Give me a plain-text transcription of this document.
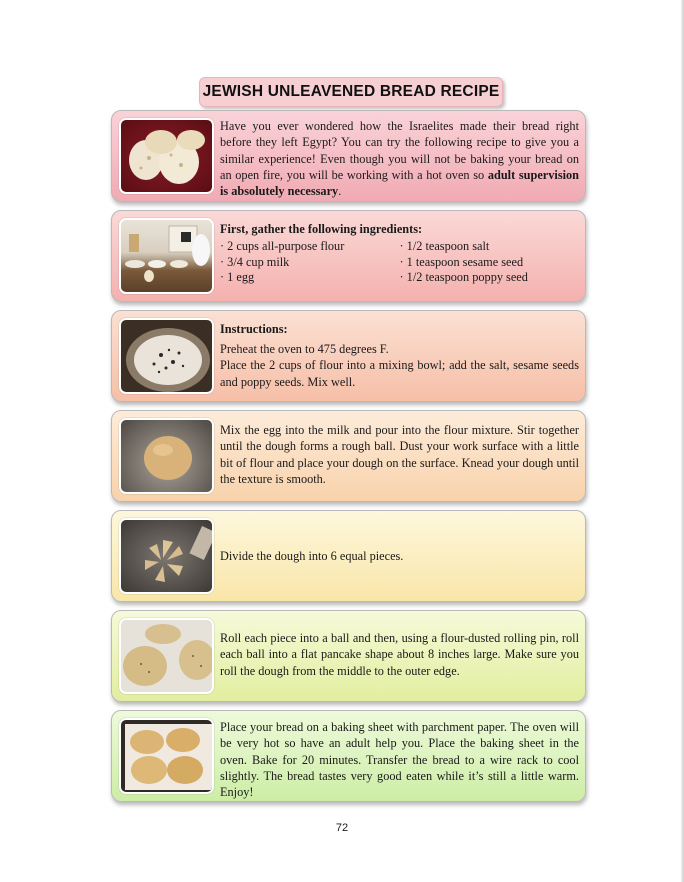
JEWISH UNLEAVENED BREAD RECIPE
Have you ever wondered how the Israelites made their bread right before they left Egypt? You can try the following recipe to give you a similar experience! Even though you will not be baking your bread on an open fire, you will be working with a hot oven so adult supervision is absolutely necessary.
First, gather the following ingredients:
· 2 cups all-purpose flour
· 3/4 cup milk
· 1 egg
· 1/2 teaspoon salt
· 1 teaspoon sesame seed
· 1/2 teaspoon poppy seed
Instructions:
Preheat the oven to 475 degrees F.
Place the 2 cups of flour into a mixing bowl; add the salt, sesame seeds and poppy seeds. Mix well.
Mix the egg into the milk and pour into the flour mixture. Stir together until the dough forms a rough ball. Dust your work surface with a little bit of flour and place your dough on the surface. Knead your dough until the texture is smooth.
Divide the dough into 6 equal pieces.
Roll each piece into a ball and then, using a flour-dusted rolling pin, roll each ball into a flat pancake shape about 8 inches large. Make sure you roll the dough from the middle to the outer edge.
Place your bread on a baking sheet with parchment paper. The oven will be very hot so have an adult help you. Place the baking sheet in the oven. Bake for 20 minutes. Transfer the bread to a wire rack to cool slightly. The bread tastes very good eaten while it’s still a little warm. Enjoy!
72
